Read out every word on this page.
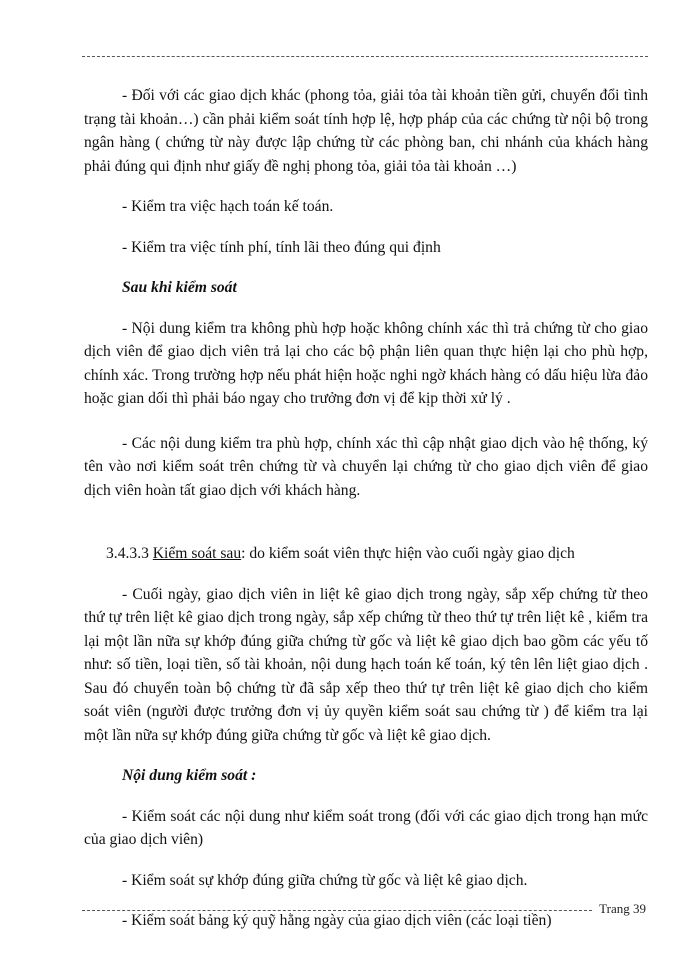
- Đối với các giao dịch khác (phong tỏa, giải tỏa tài khoản tiền gửi, chuyển đổi tình trạng tài khoản…) cần phải kiểm soát tính hợp lệ, hợp pháp của các chứng từ nội bộ trong ngân hàng ( chứng từ này được lập chứng từ các phòng ban, chi nhánh của khách hàng phải đúng qui định như giấy đề nghị phong tỏa, giải tỏa tài khoản …)

- Kiểm tra việc hạch toán kế toán.

- Kiểm tra việc tính phí, tính lãi theo đúng qui định

Sau khi kiểm soát

- Nội dung kiểm tra không phù hợp hoặc không chính xác thì trả chứng từ cho giao dịch viên để giao dịch viên trả lại cho các bộ phận liên quan thực hiện lại cho phù hợp, chính xác. Trong trường hợp nếu phát hiện hoặc nghi ngờ khách hàng có dấu hiệu lừa đảo hoặc gian dối thì phải báo ngay cho trưởng đơn vị để kịp thời xử lý .

- Các nội dung kiểm tra phù hợp, chính xác thì cập nhật giao dịch vào hệ thống, ký tên vào nơi kiểm soát trên chứng từ và chuyển lại chứng từ cho giao dịch viên để giao dịch viên hoàn tất giao dịch với khách hàng.

3.4.3.3 Kiểm soát sau: do kiểm soát viên thực hiện vào cuối ngày giao dịch

- Cuối ngày, giao dịch viên in liệt kê giao dịch trong ngày, sắp xếp chứng từ theo thứ tự trên liệt kê giao dịch trong ngày, sắp xếp chứng từ theo thứ tự trên liệt kê , kiểm tra lại một lần nữa sự khớp đúng giữa chứng từ gốc và liệt kê giao dịch bao gồm các yếu tố như: số tiền, loại tiền, số tài khoản, nội dung hạch toán kế toán, ký tên lên liệt giao dịch . Sau đó chuyển toàn bộ chứng từ đã sắp xếp theo thứ tự trên liệt kê giao dịch cho kiểm soát viên (người được trưởng đơn vị ủy quyền kiểm soát sau chứng từ ) để kiểm tra lại một lần nữa sự khớp đúng giữa chứng từ gốc và liệt kê giao dịch.

Nội dung kiểm soát :

- Kiểm soát các nội dung như kiểm soát trong (đối với các giao dịch trong hạn mức của giao dịch viên)

- Kiểm soát sự khớp đúng giữa chứng từ gốc và liệt kê giao dịch.

- Kiểm soát bảng ký quỹ hằng ngày của giao dịch viên (các loại tiền)

Trang 39
